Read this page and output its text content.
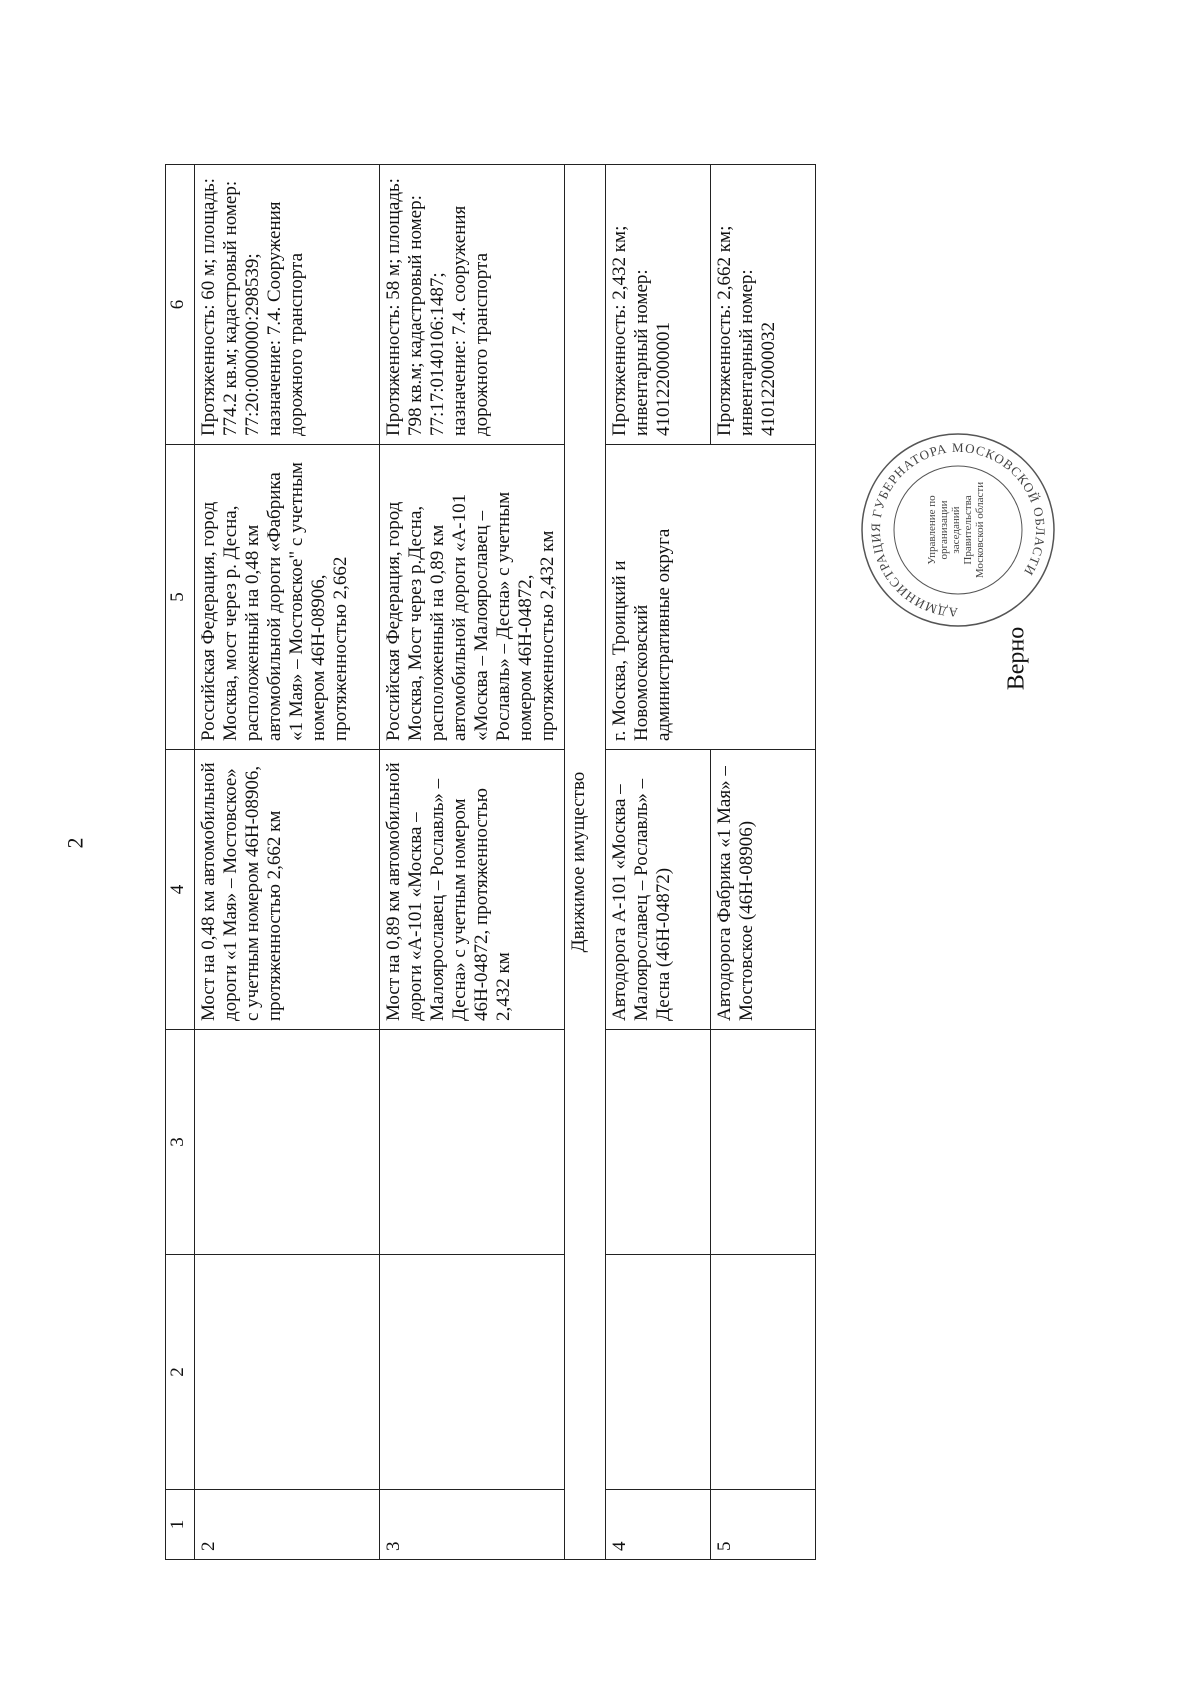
2
1	2	3	4	5	6
2			Мост на 0,48 км автомобильной дороги «1 Мая» – Мостовское» с учетным номером 46Н-08906, протяженностью 2,662 км	Российская Федерация, город Москва, мост через р. Десна, расположенный на 0,48 км автомобильной дороги «Фабрика «1 Мая» – Мостовское" с учетным номером 46Н-08906, протяженностью 2,662	Протяженность: 60 м; площадь: 774.2 кв.м; кадастровый номер: 77:20:0000000:298539; назначение: 7.4. Сооружения дорожного транспорта
3			Мост на 0,89 км автомобильной дороги «А-101 «Москва – Малоярославец – Рославль» –Десна» с учетным номером 46Н-04872, протяженностью 2,432 км	Российская Федерация, город Москва, Мост через р.Десна, расположенный на 0,89 км автомобильной дороги «А-101 «Москва – Малоярославец – Рославль» – Десна» с учетным номером 46Н-04872, протяженностью 2,432 км	Протяженность: 58 м; площадь: 798 кв.м; кадастровый номер: 77:17:0140106:1487; назначение: 7.4. сооружения дорожного транспорта
Движимое имущество					
4			Автодорога А-101 «Москва – Малоярославец – Рославль» – Десна (46Н-04872)	г. Москва, Троицкий и Новомосковский административные округа	Протяженность: 2,432 км; инвентарный номер: 410122000001
5			Автодорога Фабрика «1 Мая» – Мостовское (46Н-08906)		Протяженность: 2,662 км; инвентарный номер: 410122000032
АДМИНИСТРАЦИЯ ГУБЕРНАТОРА МОСКОВСКОЙ ОБЛАСТИ
Управление по организации заседаний Правительства Московской области
Верно
